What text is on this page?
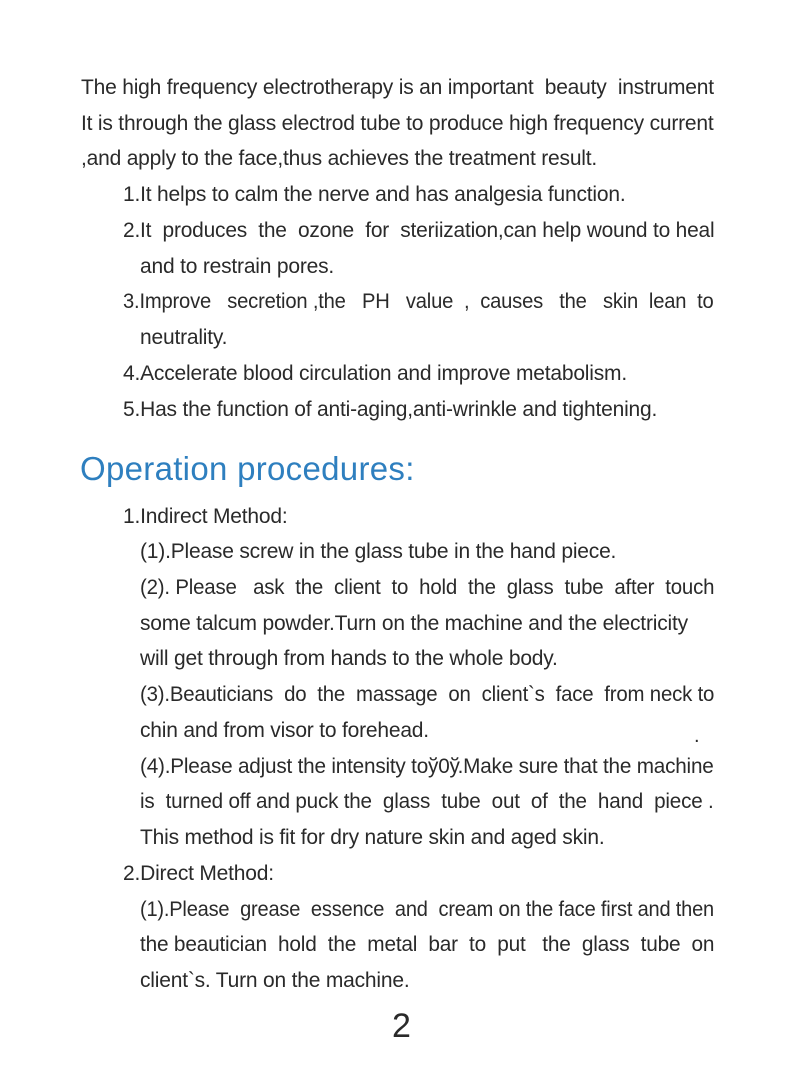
The high frequency electrotherapy is an important  beauty  instrument
It is through the glass electrod tube to produce high frequency current
,and apply to the face,thus achieves the treatment result.
1.It helps to calm the nerve and has analgesia function.
2.It  produces  the  ozone  for  steriization,can help wound to heal
and to restrain pores.
3.Improve   secretion ,the   PH   value  ,  causes   the   skin  lean  to
neutrality.
4.Accelerate blood circulation and improve metabolism.
5.Has the function of anti-aging,anti-wrinkle and tightening.
Operation procedures:
1.Indirect Method:
(1).Please screw in the glass tube in the hand piece.
(2). Please   ask  the  client  to  hold  the  glass  tube  after  touch
some talcum powder.Turn on the machine and the electricity
will get through from hands to the whole body.
(3).Beauticians  do  the  massage  on  client`s  face  from neck to
chin and from visor to forehead.	.
(4).Please adjust the intensity toў0ў.Make sure that the machine
is  turned off and puck the  glass  tube  out  of  the  hand  piece .
This method is fit for dry nature skin and aged skin.
2.Direct Method:
(1).Please  grease  essence  and  cream on the face first and then
the beautician  hold  the  metal  bar  to  put   the  glass  tube  on
client`s. Turn on the machine.
2
